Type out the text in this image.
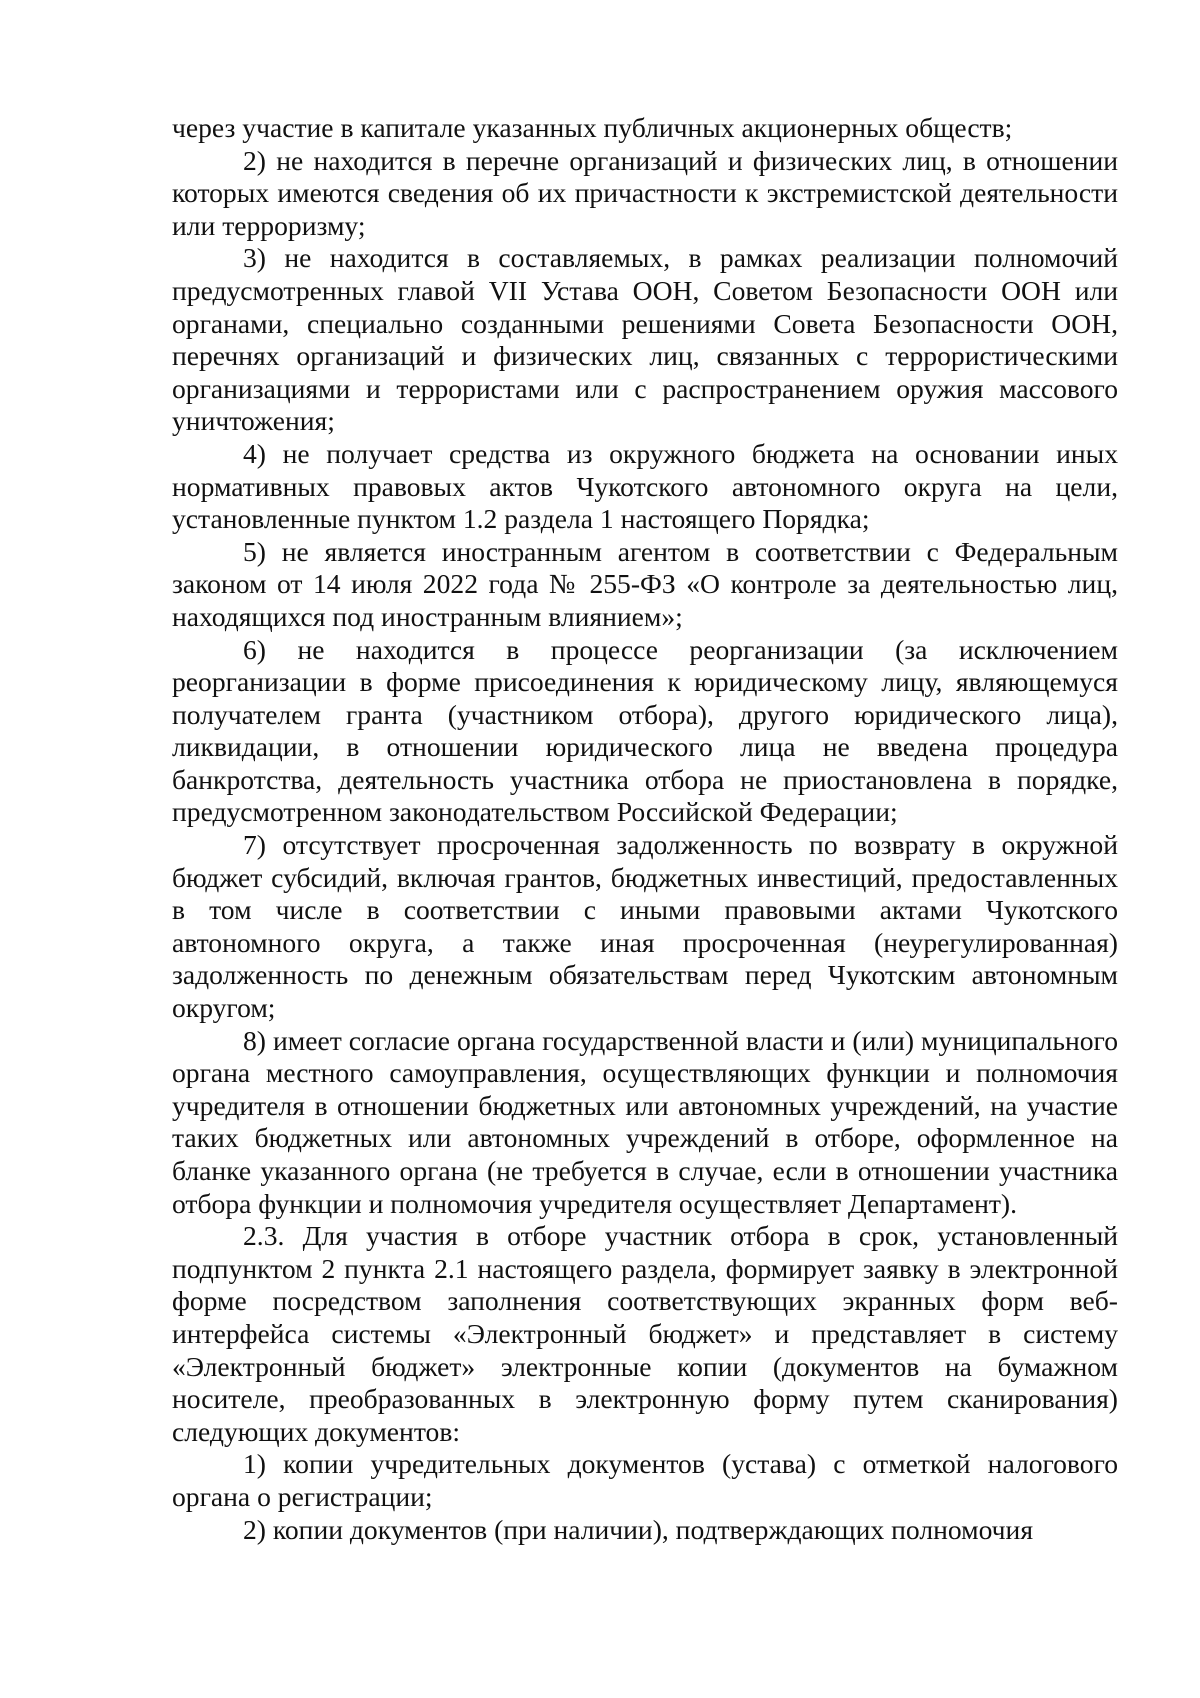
через участие в капитале указанных публичных акционерных обществ;

2) не находится в перечне организаций и физических лиц, в отношении которых имеются сведения об их причастности к экстремистской деятельности или терроризму;

3) не находится в составляемых, в рамках реализации полномочий предусмотренных главой VII Устава ООН, Советом Безопасности ООН или органами, специально созданными решениями Совета Безопасности ООН, перечнях организаций и физических лиц, связанных с террористическими организациями и террористами или с распространением оружия массового уничтожения;

4) не получает средства из окружного бюджета на основании иных нормативных правовых актов Чукотского автономного округа на цели, установленные пунктом 1.2 раздела 1 настоящего Порядка;

5) не является иностранным агентом в соответствии с Федеральным законом от 14 июля 2022 года № 255-ФЗ «О контроле за деятельностью лиц, находящихся под иностранным влиянием»;

6) не находится в процессе реорганизации (за исключением реорганизации в форме присоединения к юридическому лицу, являющемуся получателем гранта (участником отбора), другого юридического лица), ликвидации, в отношении юридического лица не введена процедура банкротства, деятельность участника отбора не приостановлена в порядке, предусмотренном законодательством Российской Федерации;

7) отсутствует просроченная задолженность по возврату в окружной бюджет субсидий, включая грантов, бюджетных инвестиций, предоставленных в том числе в соответствии с иными правовыми актами Чукотского автономного округа, а также иная просроченная (неурегулированная) задолженность по денежным обязательствам перед Чукотским автономным округом;

8) имеет согласие органа государственной власти и (или) муниципального органа местного самоуправления, осуществляющих функции и полномочия учредителя в отношении бюджетных или автономных учреждений, на участие таких бюджетных или автономных учреждений в отборе, оформленное на бланке указанного органа (не требуется в случае, если в отношении участника отбора функции и полномочия учредителя осуществляет Департамент).

2.3. Для участия в отборе участник отбора в срок, установленный подпунктом 2 пункта 2.1 настоящего раздела, формирует заявку в электронной форме посредством заполнения соответствующих экранных форм веб-интерфейса системы «Электронный бюджет» и представляет в систему «Электронный бюджет» электронные копии (документов на бумажном носителе, преобразованных в электронную форму путем сканирования) следующих документов:

1) копии учредительных документов (устава) с отметкой налогового органа о регистрации;

2) копии документов (при наличии), подтверждающих полномочия
